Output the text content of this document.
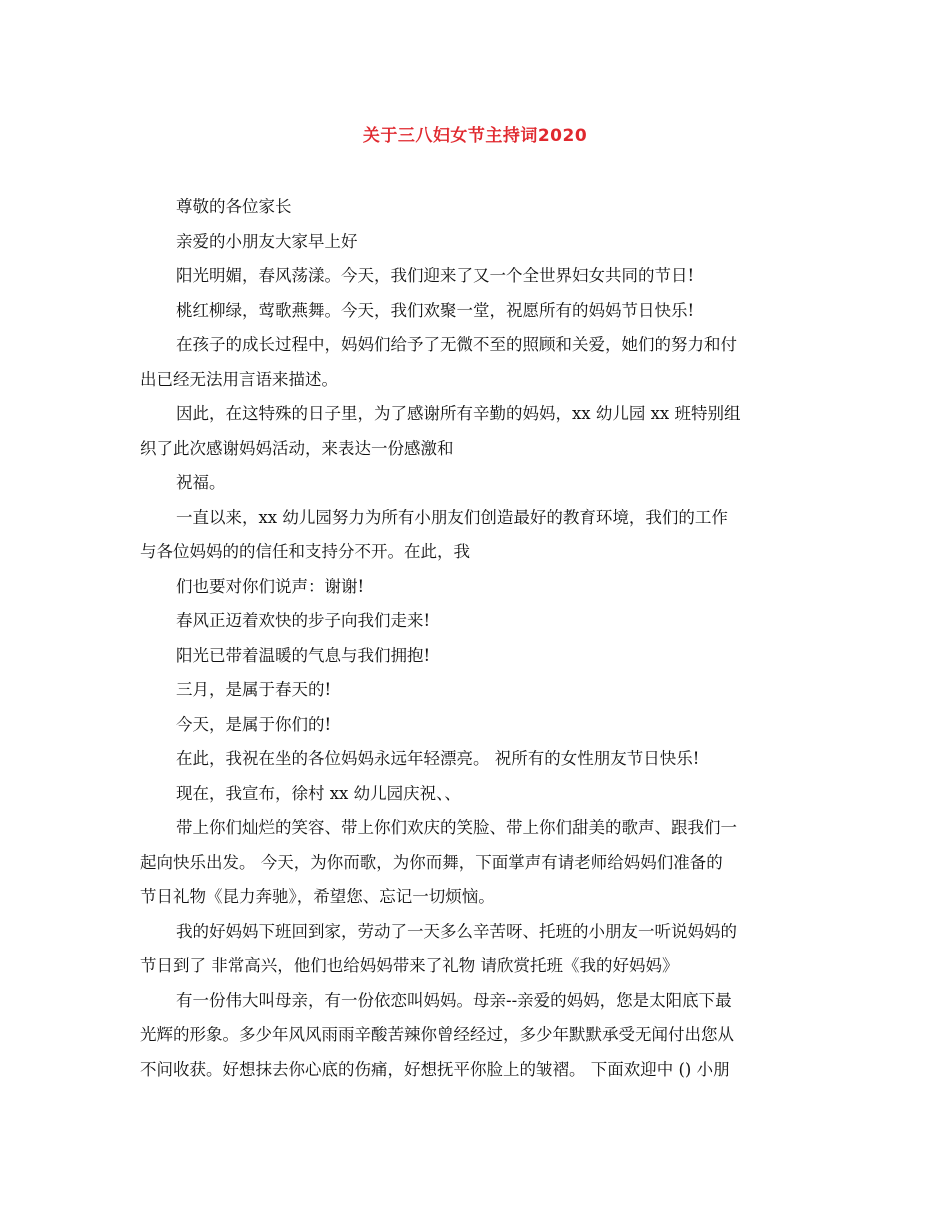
关于三八妇女节主持词2020
尊敬的各位家长
亲爱的小朋友大家早上好
阳光明媚，春风荡漾。今天，我们迎来了又一个全世界妇女共同的节日!
桃红柳绿，莺歌燕舞。今天，我们欢聚一堂，祝愿所有的妈妈节日快乐!
在孩子的成长过程中，妈妈们给予了无微不至的照顾和关爱，她们的努力和付
出已经无法用言语来描述。
因此，在这特殊的日子里，为了感谢所有辛勤的妈妈，xx 幼儿园 xx 班特别组
织了此次感谢妈妈活动，来表达一份感激和
祝福。
一直以来，xx 幼儿园努力为所有小朋友们创造最好的教育环境，我们的工作
与各位妈妈的的信任和支持分不开。在此，我
们也要对你们说声：谢谢!
春风正迈着欢快的步子向我们走来!
阳光已带着温暖的气息与我们拥抱!
三月，是属于春天的!
今天，是属于你们的!
在此，我祝在坐的各位妈妈永远年轻漂亮。 祝所有的女性朋友节日快乐!
现在，我宣布，徐村 xx 幼儿园庆祝、、
带上你们灿烂的笑容、带上你们欢庆的笑脸、带上你们甜美的歌声、跟我们一
起向快乐出发。 今天，为你而歌，为你而舞，下面掌声有请老师给妈妈们准备的
节日礼物《昆力奔驰》，希望您、忘记一切烦恼。
我的好妈妈下班回到家，劳动了一天多么辛苦呀、托班的小朋友一听说妈妈的
节日到了 非常高兴，他们也给妈妈带来了礼物 请欣赏托班《我的好妈妈》
有一份伟大叫母亲，有一份依恋叫妈妈。母亲--亲爱的妈妈，您是太阳底下最
光辉的形象。多少年风风雨雨辛酸苦辣你曾经经过，多少年默默承受无闻付出您从
不问收获。好想抹去你心底的伤痛，好想抚平你脸上的皱褶。 下面欢迎中 () 小朋
